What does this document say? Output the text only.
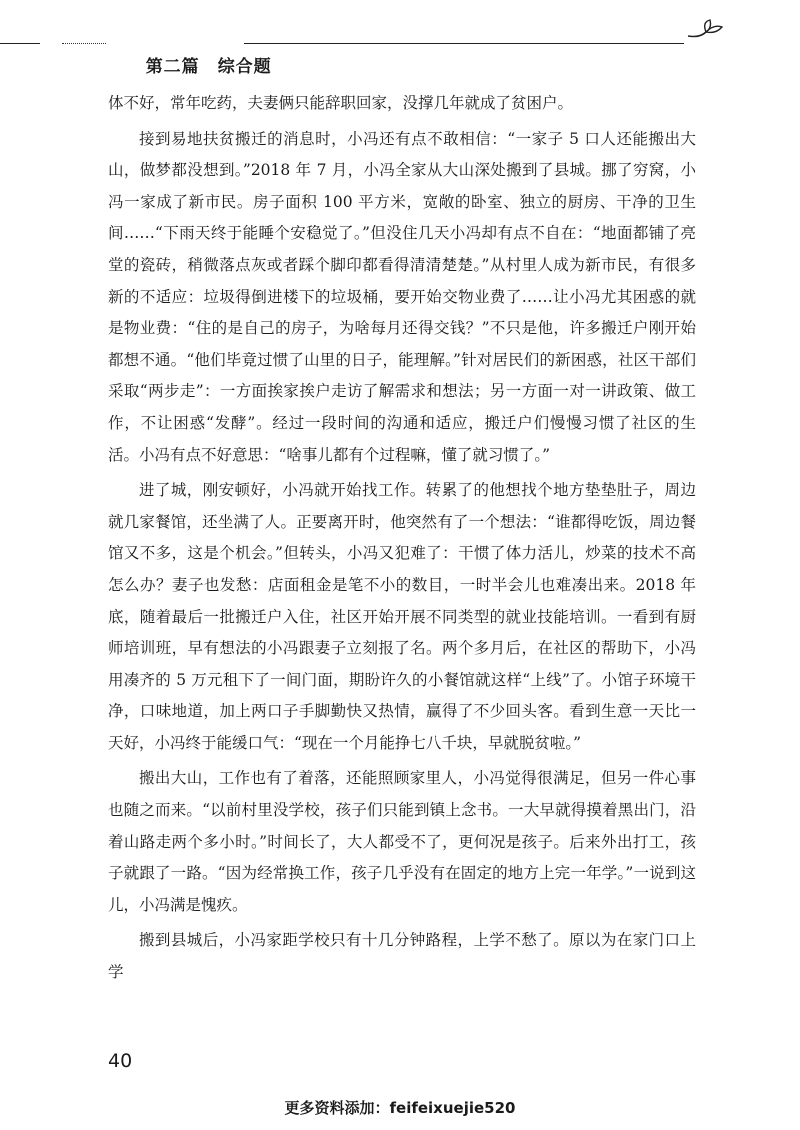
第二篇 综合题

体不好，常年吃药，夫妻俩只能辞职回家，没撑几年就成了贫困户。

接到易地扶贫搬迁的消息时，小冯还有点不敢相信：“一家子 5 口人还能搬出大山，做梦都没想到。”2018 年 7 月，小冯全家从大山深处搬到了县城。挪了穷窝，小冯一家成了新市民。房子面积 100 平方米，宽敞的卧室、独立的厨房、干净的卫生间……“下雨天终于能睡个安稳觉了。”但没住几天小冯却有点不自在：“地面都铺了亮堂的瓷砖，稍微落点灰或者踩个脚印都看得清清楚楚。”从村里人成为新市民，有很多新的不适应：垃圾得倒进楼下的垃圾桶，要开始交物业费了……让小冯尤其困惑的就是物业费：“住的是自己的房子，为啥每月还得交钱？”不只是他，许多搬迁户刚开始都想不通。“他们毕竟过惯了山里的日子，能理解。”针对居民们的新困惑，社区干部们采取“两步走”：一方面挨家挨户走访了解需求和想法；另一方面一对一讲政策、做工作，不让困惑“发酵”。经过一段时间的沟通和适应，搬迁户们慢慢习惯了社区的生活。小冯有点不好意思：“啥事儿都有个过程嘛，懂了就习惯了。”

进了城，刚安顿好，小冯就开始找工作。转累了的他想找个地方垫垫肚子，周边就几家餐馆，还坐满了人。正要离开时，他突然有了一个想法：“谁都得吃饭，周边餐馆又不多，这是个机会。”但转头，小冯又犯难了：干惯了体力活儿，炒菜的技术不高怎么办？妻子也发愁：店面租金是笔不小的数目，一时半会儿也难凑出来。2018 年底，随着最后一批搬迁户入住，社区开始开展不同类型的就业技能培训。一看到有厨师培训班，早有想法的小冯跟妻子立刻报了名。两个多月后，在社区的帮助下，小冯用凑齐的 5 万元租下了一间门面，期盼许久的小餐馆就这样“上线”了。小馆子环境干净，口味地道，加上两口子手脚勤快又热情，赢得了不少回头客。看到生意一天比一天好，小冯终于能缓口气：“现在一个月能挣七八千块，早就脱贫啦。”

搬出大山，工作也有了着落，还能照顾家里人，小冯觉得很满足，但另一件心事也随之而来。“以前村里没学校，孩子们只能到镇上念书。一大早就得摸着黑出门，沿着山路走两个多小时。”时间长了，大人都受不了，更何况是孩子。后来外出打工，孩子就跟了一路。“因为经常换工作，孩子几乎没有在固定的地方上完一年学。”一说到这儿，小冯满是愧疚。

搬到县城后，小冯家距学校只有十几分钟路程，上学不愁了。原以为在家门口上学

40
更多资料添加：feifeixuejie520
